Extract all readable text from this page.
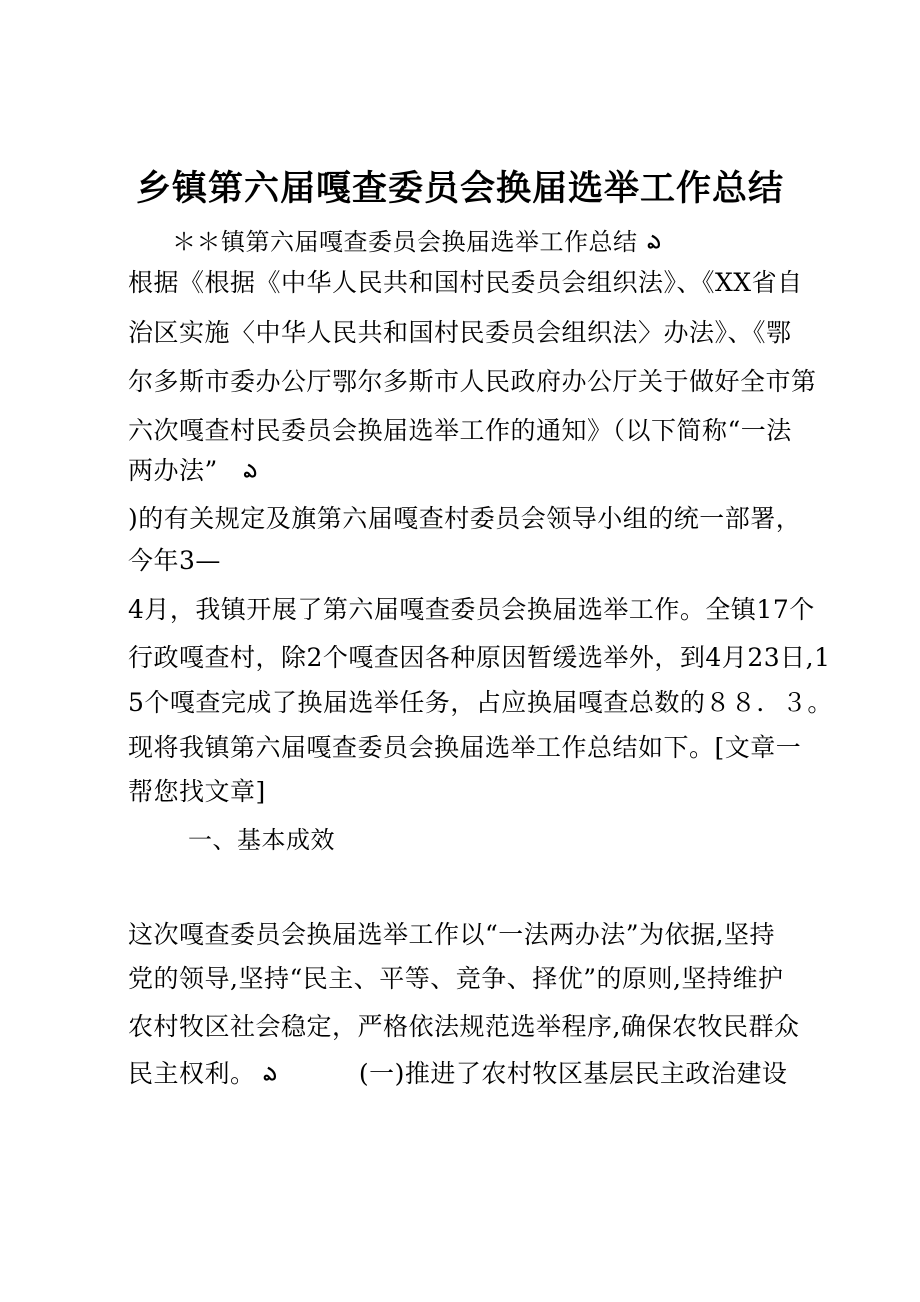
乡镇第六届嘎查委员会换届选举工作总结
＊＊镇第六届嘎查委员会换届选举工作总结 ఎ
根据《根据《中华人民共和国村民委员会组织法》、《XX省自
治区实施〈中华人民共和国村民委员会组织法〉办法》、《鄂
尔多斯市委办公厅鄂尔多斯市人民政府办公厅关于做好全市第
六次嘎查村民委员会换届选举工作的通知》（以下简称“一法
两办法” ఎ
)的有关规定及旗第六届嘎查村委员会领导小组的统一部署，
今年3—
4月，我镇开展了第六届嘎查委员会换届选举工作。全镇17个
行政嘎查村，除2个嘎查因各种原因暂缓选举外，到4月23日,1
5个嘎查完成了换届选举任务，占应换届嘎查总数的８８．３。
现将我镇第六届嘎查委员会换届选举工作总结如下。[文章一
帮您找文章]
一、基本成效
这次嘎查委员会换届选举工作以“一法两办法”为依据,坚持
党的领导,坚持“民主、平等、竞争、择优”的原则,坚持维护
农村牧区社会稳定，严格依法规范选举程序,确保农牧民群众
民主权利。 ఎ	(一)推进了农村牧区基层民主政治建设
